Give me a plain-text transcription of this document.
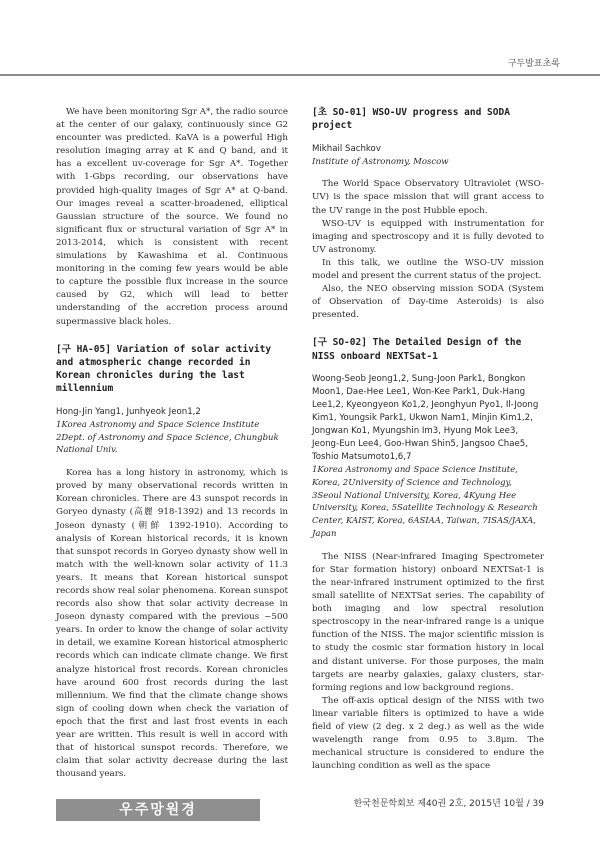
구두발표초록

We have been monitoring Sgr A*, the radio source at the center of our galaxy, continuously since G2 encounter was predicted. KaVA is a powerful High resolution imaging array at K and Q band, and it has a excellent uv-coverage for Sgr A*. Together with 1-Gbps recording, our observations have provided high-quality images of Sgr A* at Q-band. Our images reveal a scatter-broadened, elliptical Gaussian structure of the source. We found no significant flux or structural variation of Sgr A* in 2013-2014, which is consistent with recent simulations by Kawashima et al. Continuous monitoring in the coming few years would be able to capture the possible flux increase in the source caused by G2, which will lead to better understanding of the accretion process around supermassive black holes.

[구 HA-05] Variation of solar activity and atmospheric change recorded in Korean chronicles during the last millennium

Hong-Jin Yang1, Junhyeok Jeon1,2

1Korea Astronomy and Space Science Institute

2Dept. of Astronomy and Space Science, Chungbuk National Univ.

Korea has a long history in astronomy, which is proved by many observational records written in Korean chronicles. There are 43 sunspot records in Goryeo dynasty (高麗 918-1392) and 13 records in Joseon dynasty (朝鮮 1392-1910). According to analysis of Korean historical records, it is known that sunspot records in Goryeo dynasty show well in match with the well-known solar activity of 11.3 years. It means that Korean historical sunspot records show real solar phenomena. Korean sunspot records also show that solar activity decrease in Joseon dynasty compared with the previous ~500 years. In order to know the change of solar activity in detail, we examine Korean historical atmospheric records which can indicate climate change. We first analyze historical frost records. Korean chronicles have around 600 frost records during the last millennium. We find that the climate change shows sign of cooling down when check the variation of epoch that the first and last frost events in each year are written. This result is well in accord with that of historical sunspot records. Therefore, we claim that solar activity decrease during the last thousand years.

우주망원경

[초 SO-01] WSO-UV progress and SODA project

Mikhail Sachkov

Institute of Astronomy, Moscow

The World Space Observatory Ultraviolet (WSO-UV) is the space mission that will grant access to the UV range in the post Hubble epoch.

WSO-UV is equipped with instrumentation for imaging and spectroscopy and it is fully devoted to UV astronomy.

In this talk, we outline the WSO-UV mission model and present the current status of the project.

Also, the NEO observing mission SODA (System of Observation of Day-time Asteroids) is also presented.

[구 SO-02] The Detailed Design of the NISS onboard NEXTSat-1

Woong-Seob Jeong1,2, Sung-Joon Park1, Bongkon Moon1, Dae-Hee Lee1, Won-Kee Park1, Duk-Hang Lee1,2, Kyeongyeon Ko1,2, Jeonghyun Pyo1, Il-Joong Kim1, Youngsik Park1, Ukwon Nam1, Minjin Kim1,2, Jongwan Ko1, Myungshin Im3, Hyung Mok Lee3, Jeong-Eun Lee4, Goo-Hwan Shin5, Jangsoo Chae5, Toshio Matsumoto1,6,7

1Korea Astronomy and Space Science Institute, Korea, 2University of Science and Technology, 3Seoul National University, Korea, 4Kyung Hee University, Korea, 5Satellite Technology & Research Center, KAIST, Korea, 6ASIAA, Taiwan, 7ISAS/JAXA, Japan

The NISS (Near-infrared Imaging Spectrometer for Star formation history) onboard NEXTSat-1 is the near-infrared instrument optimized to the first small satellite of NEXTSat series. The capability of both imaging and low spectral resolution spectroscopy in the near-infrared range is a unique function of the NISS. The major scientific mission is to study the cosmic star formation history in local and distant universe. For those purposes, the main targets are nearby galaxies, galaxy clusters, star-forming regions and low background regions.

The off-axis optical design of the NISS with two linear variable filters is optimized to have a wide field of view (2 deg. x 2 deg.) as well as the wide wavelength range from 0.95 to 3.8μm. The mechanical structure is considered to endure the launching condition as well as the space

한국천문학회보 제40권 2호, 2015년 10월 / 39
